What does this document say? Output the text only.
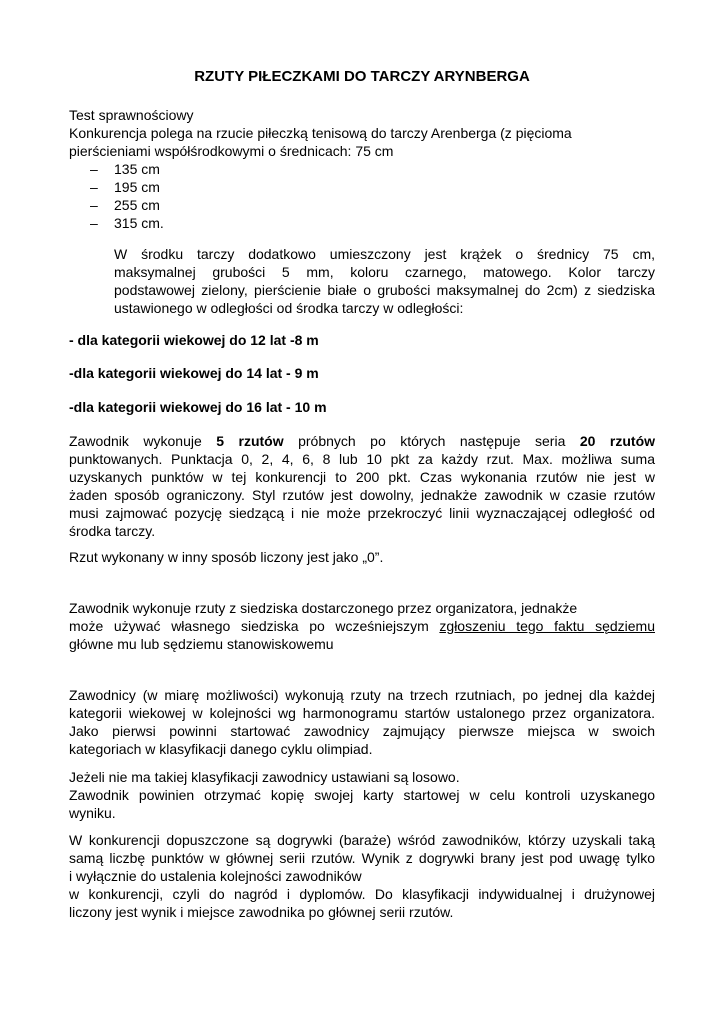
RZUTY PIŁECZKAMI DO TARCZY ARYNBERGA
Test sprawnościowy
Konkurencja polega na rzucie piłeczką tenisową do tarczy Arenberga (z pięcioma
pierścieniami współśrodkowymi o średnicach: 75 cm
– 135 cm
– 195 cm
– 255 cm
– 315 cm.
W środku tarczy dodatkowo umieszczony jest krążek o średnicy 75 cm,
maksymalnej grubości 5 mm, koloru czarnego, matowego. Kolor tarczy
podstawowej zielony, pierścienie białe o grubości maksymalnej do 2cm) z siedziska
ustawionego w odległości od środka tarczy w odległości:
- dla kategorii wiekowej do 12 lat -8 m
-dla kategorii wiekowej do 14 lat - 9 m
-dla kategorii wiekowej do 16 lat - 10 m
Zawodnik wykonuje 5 rzutów próbnych po których następuje seria 20 rzutów
punktowanych. Punktacja 0, 2, 4, 6, 8 lub 10 pkt za każdy rzut. Max. możliwa suma
uzyskanych punktów w tej konkurencji to 200 pkt. Czas wykonania rzutów nie jest w
żaden sposób ograniczony. Styl rzutów jest dowolny, jednakże zawodnik w czasie rzutów
musi zajmować pozycję siedzącą i nie może przekroczyć linii wyznaczającej odległość od
środka tarczy.
Rzut wykonany w inny sposób liczony jest jako „0”.
Zawodnik wykonuje rzuty z siedziska dostarczonego przez organizatora, jednakże
może używać własnego siedziska po wcześniejszym zgłoszeniu tego faktu sędziemu
główne mu lub sędziemu stanowiskowemu
Zawodnicy (w miarę możliwości) wykonują rzuty na trzech rzutniach, po jednej dla każdej
kategorii wiekowej w kolejności wg harmonogramu startów ustalonego przez organizatora.
Jako pierwsi powinni startować zawodnicy zajmujący pierwsze miejsca w swoich
kategoriach w klasyfikacji danego cyklu olimpiad.
Jeżeli nie ma takiej klasyfikacji zawodnicy ustawiani są losowo.
Zawodnik powinien otrzymać kopię swojej karty startowej w celu kontroli uzyskanego
wyniku.
W konkurencji dopuszczone są dogrywki (baraże) wśród zawodników, którzy uzyskali taką
samą liczbę punktów w głównej serii rzutów. Wynik z dogrywki brany jest pod uwagę tylko
i wyłącznie do ustalenia kolejności zawodników
w konkurencji, czyli do nagród i dyplomów. Do klasyfikacji indywidualnej i drużynowej
liczony jest wynik i miejsce zawodnika po głównej serii rzutów.
